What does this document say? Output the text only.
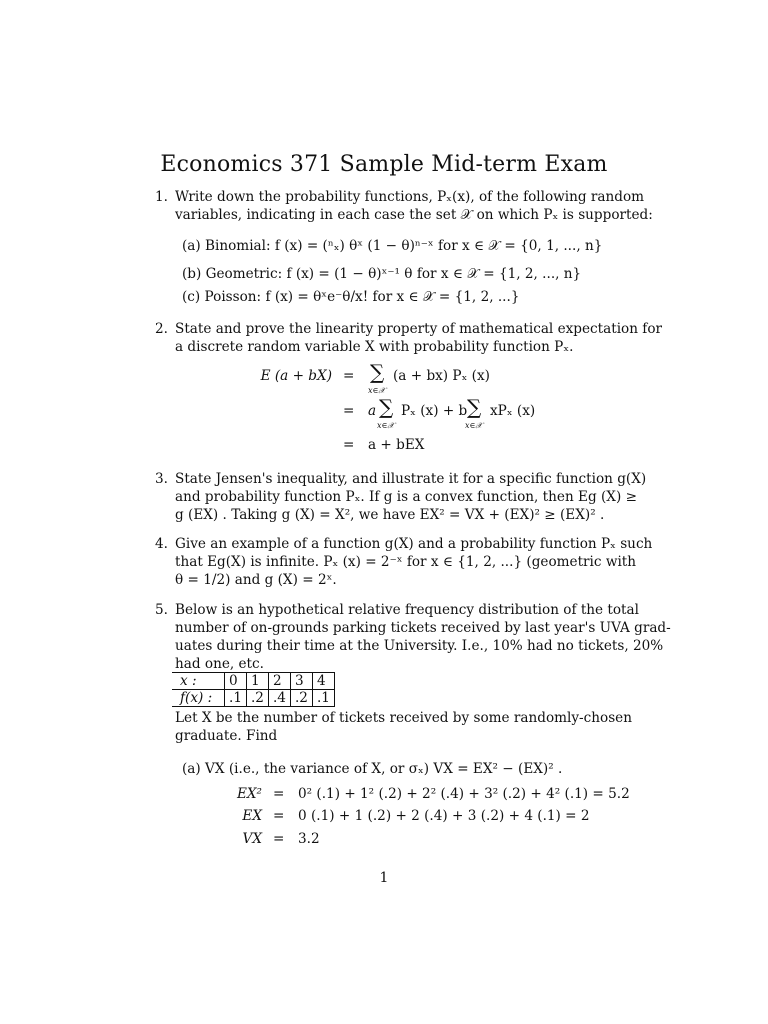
Economics 371 Sample Mid-term Exam
1. Write down the probability functions, Pₓ(x), of the following random
variables, indicating in each case the set 𝒳 on which Pₓ is supported:
(a) Binomial: f (x) = (ⁿₓ) θˣ (1 − θ)ⁿ⁻ˣ for x ∈ 𝒳 = {0, 1, ..., n}
(b) Geometric: f (x) = (1 − θ)ˣ⁻¹ θ for x ∈ 𝒳 = {1, 2, ..., n}
(c) Poisson: f (x) = θˣe⁻θ/x! for x ∈ 𝒳 = {1, 2, ...}
2. State and prove the linearity property of mathematical expectation for
a discrete random variable X with probability function Pₓ.
E (a + bX) = ∑
x∈𝒳
(a + bx) Pₓ (x)
= a ∑
x∈𝒳
Pₓ (x) + b ∑
x∈𝒳
xPₓ (x)
= a + bEX
3. State Jensen's inequality, and illustrate it for a specific function g(X)
and probability function Pₓ. If g is a convex function, then Eg (X) ≥
g (EX) . Taking g (X) = X², we have EX² = VX + (EX)² ≥ (EX)² .
4. Give an example of a function g(X) and a probability function Pₓ such
that Eg(X) is infinite. Pₓ (x) = 2⁻ˣ for x ∈ {1, 2, ...} (geometric with
θ = 1/2) and g (X) = 2ˣ.
5. Below is an hypothetical relative frequency distribution of the total
number of on-grounds parking tickets received by last year's UVA grad-
uates during their time at the University. I.e., 10% had no tickets, 20%
had one, etc.
x :	0	1	2	3	4
f(x) :	.1	.2	.4	.2	.1
Let X be the number of tickets received by some randomly-chosen
graduate. Find
(a) VX (i.e., the variance of X, or σₓ) VX = EX² − (EX)² .
EX² = 0² (.1) + 1² (.2) + 2² (.4) + 3² (.2) + 4² (.1) = 5.2
EX = 0 (.1) + 1 (.2) + 2 (.4) + 3 (.2) + 4 (.1) = 2
VX = 3.2
1
